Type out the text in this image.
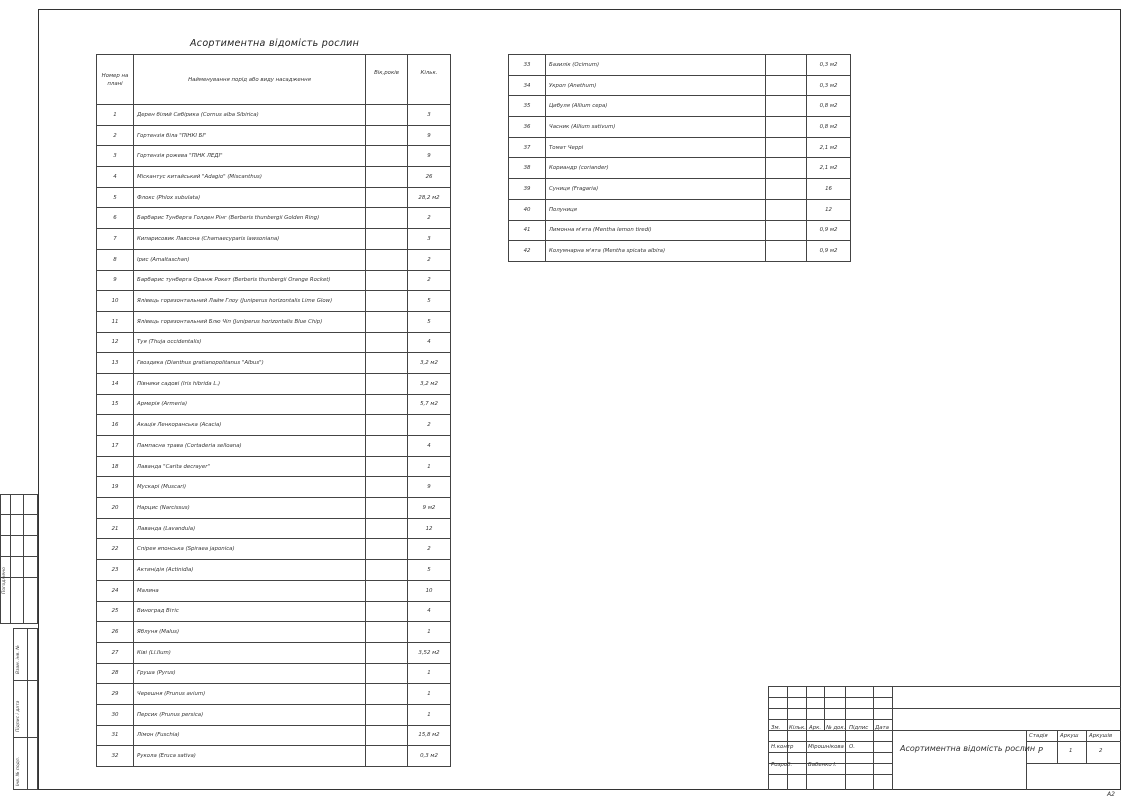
Асортиментна відомість рослин
Номер на плані	Найменування порід або виду насадження	Вік,років	Кільк.
1	Дерен білий Сибірика (Cornus alba Sibirica)		3
2	Гортензія біла "ПІНКІ БІ"		9
3	Гортензія рожева "ПІНК ЛЕДІ"		9
4	Міскантус китайський "Adagio" (Miscanthus)		26
5	Флокс (Phlox subulata)		28,2 м2
6	Барбарис Тунберга Голден Рінг (Berberis thunbergii Golden Ring)		2
7	Кипарисовик Лавсона (Chamaecyparis lawsoniana)		3
8	Ірис (Amaltaschan)		2
9	Барбарис тунберга Оранж Рокет (Berberis thunbergii Orange Rocket)		2
10	Ялівець горизонтальний Лайм Глоу (Juniperus horizontalis Lime Glow)		5
11	Ялівець горизонтальний Блю Чіп (Juniperus horizontalis Blue Chip)		5
12	Туя (Thuja occidentalis)		4
13	Гвоздика (Dianthus gratianopolitanus "Albus")		3,2 м2
14	Півники садові (Iris hibrida L.)		3,2 м2
15	Армерія (Armeria)		5,7 м2
16	Акація Ленкоранська (Acacia)		2
17	Пампасна трава (Cortaderia selloana)		4
18	Лаванда "Carita decrayer"		1
19	Мускарі (Muscari)		9
20	Нарцис (Narcissus)		9 м2
21	Лаванда (Lavandula)		12
22	Спірея японська (Spiraea japonica)		2
23	Актинідія (Actinidia)		5
24	Малина		10
25	Виноград Вітіс		4
26	Яблуня (Malus)		1
27	Ківі (Ll.Ilum)		3,52 м2
28	Груша (Pyrus)		1
29	Черешня (Prunus avium)		1
30	Персик (Prunus persica)		1
31	Лімон (Fuschia)		15,8 м2
32	Рукола (Eruca sativa)		0,3 м2
33	Базилік (Ocimum)		0,3 м2
34	Укроп (Anethum)		0,3 м2
35	Цибуля (Allium cepa)		0,8 м2
36	Часник (Allium sativum)		0,8 м2
37	Томат Черрі		2,1 м2
38	Кориандр (coriander)		2,1 м2
39	Суниця (Fragaria)		16
40	Полуниця		12
41	Лимонна м'ята (Mentha lemon tiredi)		0,9 м2
42	Колумнарна м'ята (Mentha spicata albira)		0,9 м2
Погоджено
Взам. інв. №
Підпис і дата
Інв. № подл.
Зм. Кільк. Арк. № док. Підпис Дата
Н.контр	Мірошнікова О.
Розроб.	Бабенко І.
Асортиментна відомість рослин
Стадія Аркуш Аркушів
Р	1	2
A2
